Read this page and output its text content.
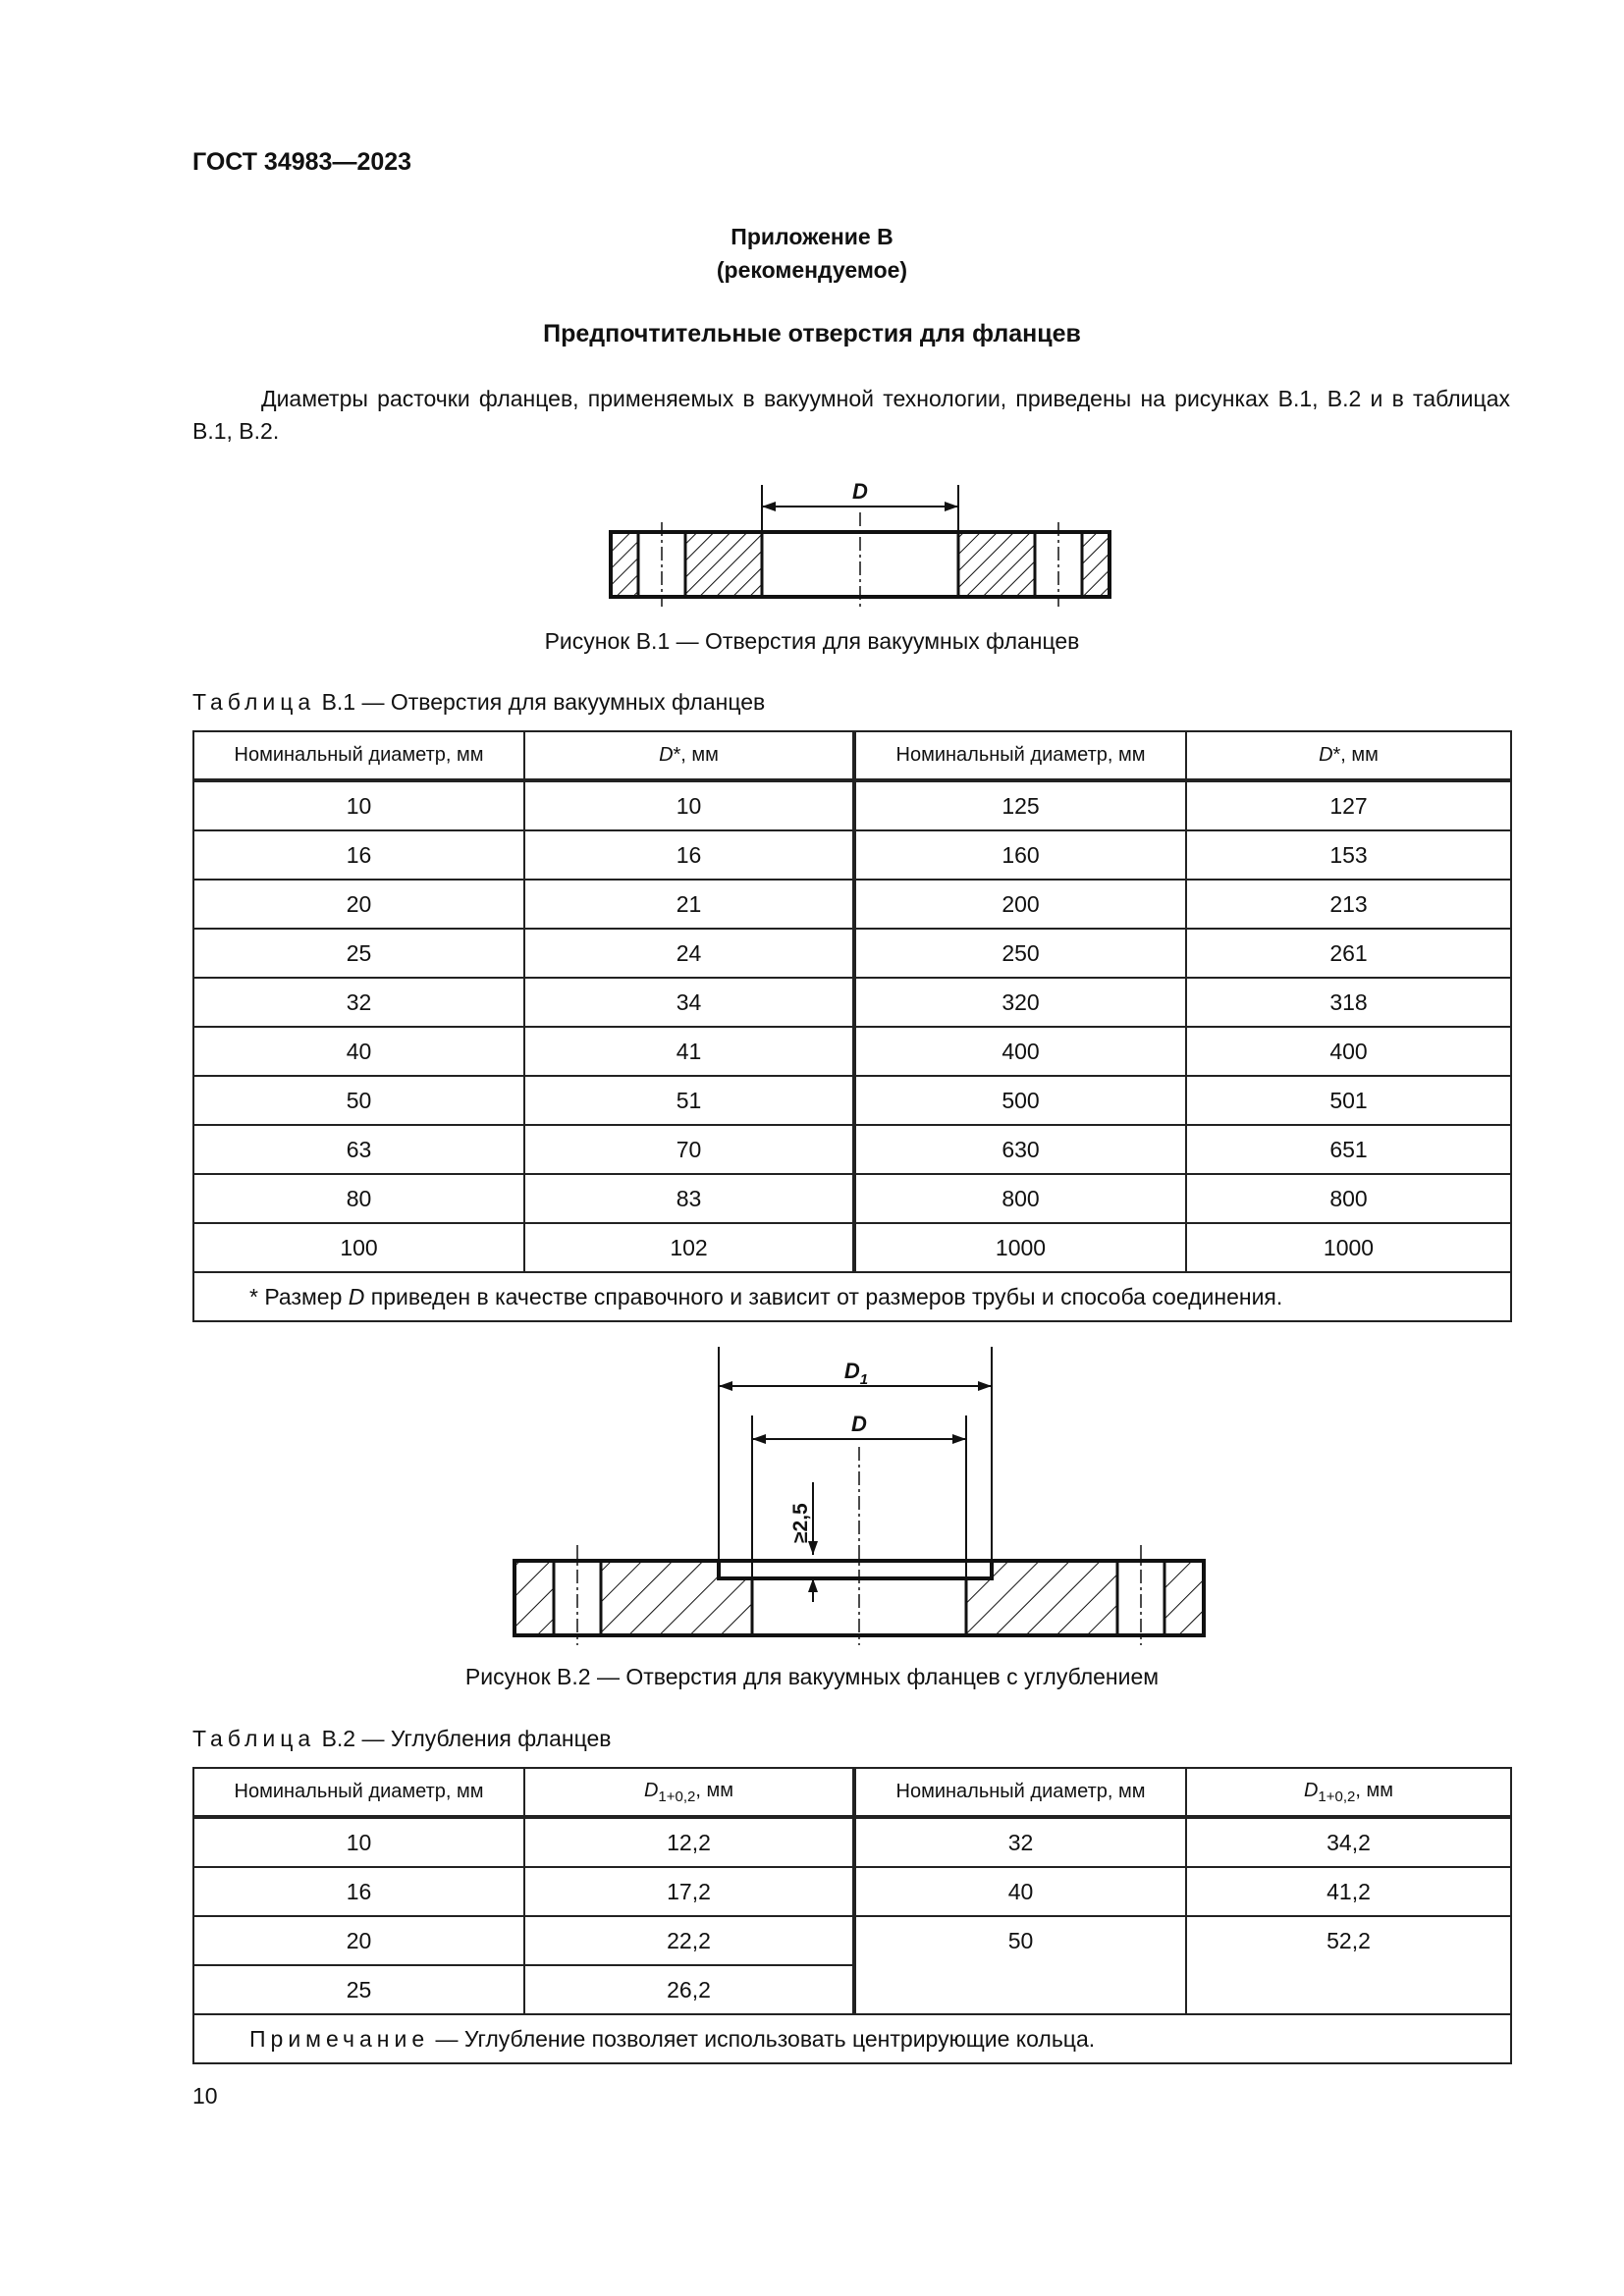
ГОСТ 34983—2023
Приложение В
(рекомендуемое)
Предпочтительные отверстия для фланцев
Диаметры расточки фланцев, применяемых в вакуумной технологии, приведены на рисунках В.1, В.2 и в таблицах В.1, В.2.
D
Рисунок В.1 — Отверстия для вакуумных фланцев
Таблица В.1 — Отверстия для вакуумных фланцев
Номинальный диаметр, мм	D*, мм	Номинальный диаметр, мм	D*, мм
10	10	125	127
16	16	160	153
20	21	200	213
25	24	250	261
32	34	320	318
40	41	400	400
50	51	500	501
63	70	630	651
80	83	800	800
100	102	1000	1000
* Размер D приведен в качестве справочного и зависит от размеров трубы и способа соединения.			
$D_1$
D
≥2,5
Рисунок В.2 — Отверстия для вакуумных фланцев с углублением
Таблица В.2 — Углубления фланцев
Номинальный диаметр, мм	$D_{1+0,2}$, мм	Номинальный диаметр, мм	$D_{1+0,2}$, мм
10	12,2	32	34,2
16	17,2	40	41,2
20	22,2	50	52,2
25	26,2		
Примечание — Углубление позволяет использовать центрирующие кольца.			
10
